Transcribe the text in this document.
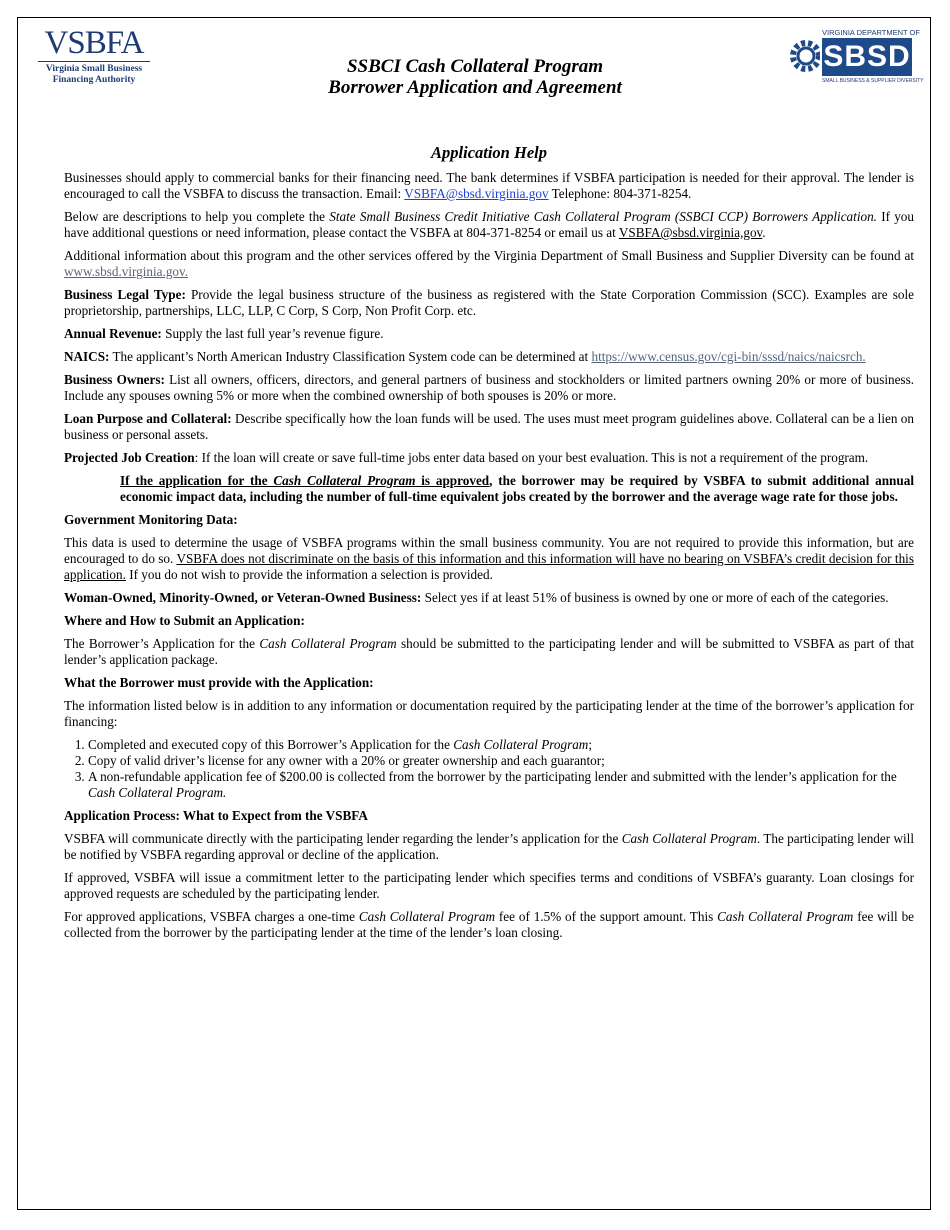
VSBFA
Virginia Small Business
Financing Authority
SSBCI Cash Collateral Program
Borrower Application and Agreement
VIRGINIA DEPARTMENT OF
SBSD
SMALL BUSINESS & SUPPLIER DIVERSITY
Application Help

Businesses should apply to commercial banks for their financing need. The bank determines if VSBFA participation is needed for their approval. The lender is encouraged to call the VSBFA to discuss the transaction. Email: VSBFA@sbsd.virginia.gov Telephone: 804-371-8254.

Below are descriptions to help you complete the State Small Business Credit Initiative Cash Collateral Program (SSBCI CCP) Borrowers Application. If you have additional questions or need information, please contact the VSBFA at 804-371-8254 or email us at VSBFA@sbsd.virginia,gov.

Additional information about this program and the other services offered by the Virginia Department of Small Business and Supplier Diversity can be found at www.sbsd.virginia.gov.

Business Legal Type: Provide the legal business structure of the business as registered with the State Corporation Commission (SCC). Examples are sole proprietorship, partnerships, LLC, LLP, C Corp, S Corp, Non Profit Corp. etc.

Annual Revenue: Supply the last full year’s revenue figure.

NAICS: The applicant’s North American Industry Classification System code can be determined at https://www.census.gov/cgi-bin/sssd/naics/naicsrch.

Business Owners: List all owners, officers, directors, and general partners of business and stockholders or limited partners owning 20% or more of business. Include any spouses owning 5% or more when the combined ownership of both spouses is 20% or more.

Loan Purpose and Collateral: Describe specifically how the loan funds will be used. The uses must meet program guidelines above. Collateral can be a lien on business or personal assets.

Projected Job Creation: If the loan will create or save full-time jobs enter data based on your best evaluation. This is not a requirement of the program.

If the application for the Cash Collateral Program is approved, the borrower may be required by VSBFA to submit additional annual economic impact data, including the number of full-time equivalent jobs created by the borrower and the average wage rate for those jobs.

Government Monitoring Data:

This data is used to determine the usage of VSBFA programs within the small business community. You are not required to provide this information, but are encouraged to do so. VSBFA does not discriminate on the basis of this information and this information will have no bearing on VSBFA’s credit decision for this application. If you do not wish to provide the information a selection is provided.

Woman-Owned, Minority-Owned, or Veteran-Owned Business: Select yes if at least 51% of business is owned by one or more of each of the categories.

Where and How to Submit an Application:

The Borrower’s Application for the Cash Collateral Program should be submitted to the participating lender and will be submitted to VSBFA as part of that lender’s application package.

What the Borrower must provide with the Application:

The information listed below is in addition to any information or documentation required by the participating lender at the time of the borrower’s application for financing:

1. Completed and executed copy of this Borrower’s Application for the Cash Collateral Program;
2. Copy of valid driver’s license for any owner with a 20% or greater ownership and each guarantor;
3. A non-refundable application fee of $200.00 is collected from the borrower by the participating lender and submitted with the lender’s application for the Cash Collateral Program.

Application Process: What to Expect from the VSBFA

VSBFA will communicate directly with the participating lender regarding the lender’s application for the Cash Collateral Program. The participating lender will be notified by VSBFA regarding approval or decline of the application.

If approved, VSBFA will issue a commitment letter to the participating lender which specifies terms and conditions of VSBFA’s guaranty. Loan closings for approved requests are scheduled by the participating lender.

For approved applications, VSBFA charges a one-time Cash Collateral Program fee of 1.5% of the support amount. This Cash Collateral Program fee will be collected from the borrower by the participating lender at the time of the lender’s loan closing.
